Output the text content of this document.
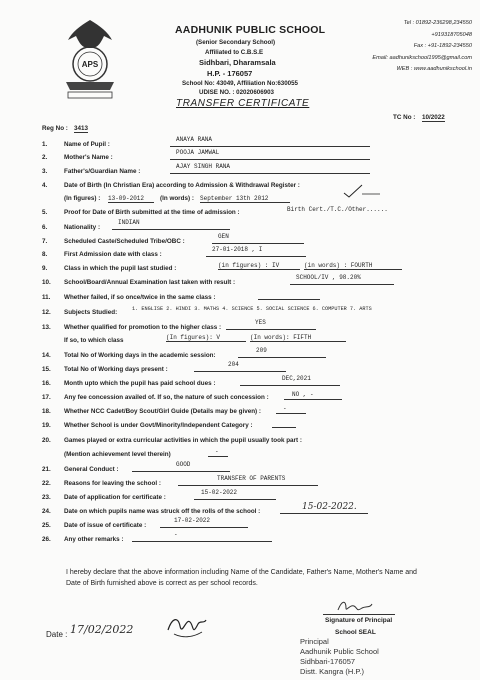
APS
AADHUNIK PUBLIC SCHOOL
(Senior Secondary School)
Affiliated to C.B.S.E
Sidhbari, Dharamsala
H.P. - 176057
School No: 43049, Affiliation No:630055
UDISE NO. : 02020606903
Tel : 01892-236298,234550
+919318705048
Fax : +91-1892-234550
Email: aadhunikschool1995@gmail.com
WEB : www.aadhunikschool.in
TRANSFER CERTIFICATE
Reg No : 3413
TC No : 10/2022
1.	Name of Pupil :
ANAYA RANA
2.	Mother's Name :
POOJA JAMWAL
3.	Father's/Guardian Name :
AJAY SINGH RANA
4.	Date of Birth (In Christian Era) according to Admission & Withdrawal Register :
(In figures) : 13-09-2012	(In words) : September 13th 2012
5.	Proof for Date of Birth submitted at the time of admission :	Birth Cert./T.C./Other......
6.	Nationality :
INDIAN
7.	Scheduled Caste/Scheduled Tribe/OBC :
GEN
8.	First Admission date with class :
27-01-2018 , I
9.	Class in which the pupil last studied :	(in figures) : IV	(in words) : FOURTH
10. School/Board/Annual Examination last taken with result :
SCHOOL/IV , 98.20%
11. Whether failed, if so once/twice in the same class :
12. Subjects Studied:	1. ENGLISE 2. HINDI 3. MATHS 4. SCIENCE 5. SOCIAL SCIENCE 6. COMPUTER 7. ARTS
13. Whether qualified for promotion to the higher class :
YES
If so, to which class	(In figures): V	(In words): FIFTH
14. Total No of Working days in the academic session:
209
15. Total No of Working days present :
204
16. Month upto which the pupil has paid school dues :
DEC,2021
17. Any fee concession availed of. If so, the nature of such concession :	NO , -
18. Whether NCC Cadet/Boy Scout/Girl Guide (Details may be given) :	-
19. Whether School is under Govt/Minority/Independent Category :
20. Games played or extra curricular activities in which the pupil usually took part :
(Mention achievement level therein)	-
21. General Conduct :
GOOD
22. Reasons for leaving the school :
TRANSFER OF PARENTS
23. Date of application for certificate :
15-02-2022
24. Date on which pupils name was struck off the rolls of the school :	15-02-2022.
25. Date of issue of certificate :
17-02-2022
26. Any other remarks :
-
I hereby declare that the above information including Name of the Candidate, Father's Name, Mother's Name and
Date of Birth furnished above is correct as per school records.
Date : 17/02/2022
Signature of Principal
School SEAL
Principal
Aadhunik Public School
Sidhbari-176057
Distt. Kangra (H.P.)
